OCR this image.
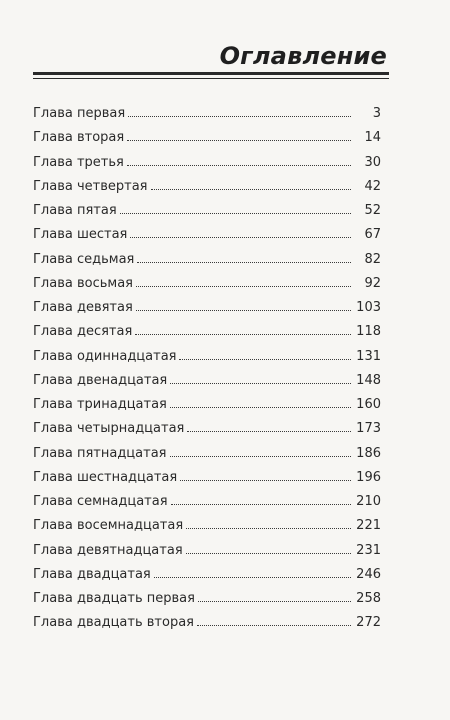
Оглавление
Глава первая	3
Глава вторая	14
Глава третья	30
Глава четвертая	42
Глава пятая	52
Глава шестая	67
Глава седьмая	82
Глава восьмая	92
Глава девятая	103
Глава десятая	118
Глава одиннадцатая	131
Глава двенадцатая	148
Глава тринадцатая	160
Глава четырнадцатая	173
Глава пятнадцатая	186
Глава шестнадцатая	196
Глава семнадцатая	210
Глава восемнадцатая	221
Глава девятнадцатая	231
Глава двадцатая	246
Глава двадцать первая	258
Глава двадцать вторая	272
